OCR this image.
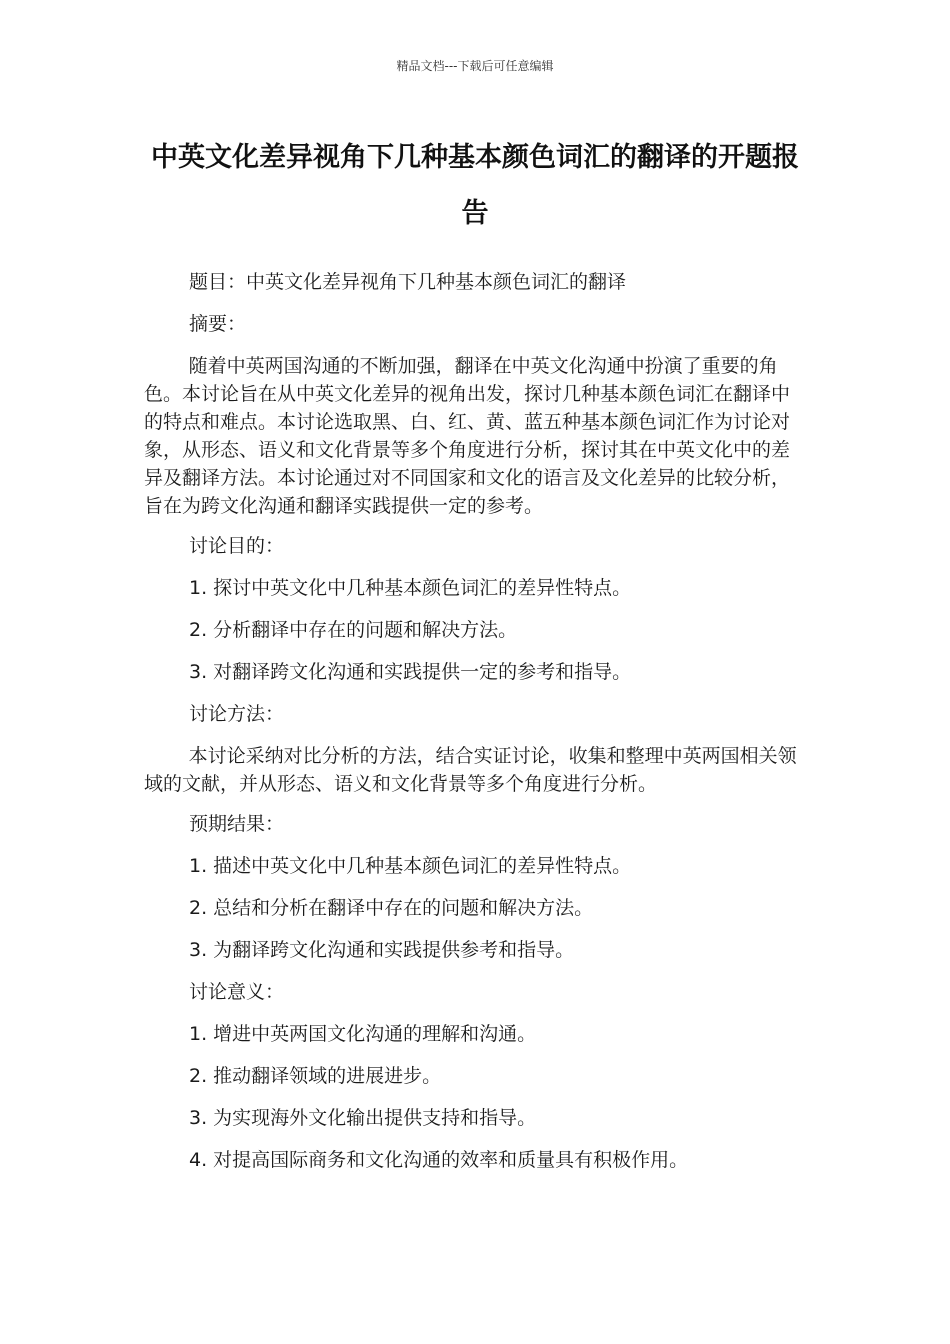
精品文档---下载后可任意编辑
中英文化差异视角下几种基本颜色词汇的翻译的开题报告
题目：中英文化差异视角下几种基本颜色词汇的翻译
摘要：
随着中英两国沟通的不断加强，翻译在中英文化沟通中扮演了重要的角色。本讨论旨在从中英文化差异的视角出发，探讨几种基本颜色词汇在翻译中的特点和难点。本讨论选取黑、白、红、黄、蓝五种基本颜色词汇作为讨论对象，从形态、语义和文化背景等多个角度进行分析，探讨其在中英文化中的差异及翻译方法。本讨论通过对不同国家和文化的语言及文化差异的比较分析，旨在为跨文化沟通和翻译实践提供一定的参考。
讨论目的：
1. 探讨中英文化中几种基本颜色词汇的差异性特点。
2. 分析翻译中存在的问题和解决方法。
3. 对翻译跨文化沟通和实践提供一定的参考和指导。
讨论方法：
本讨论采纳对比分析的方法，结合实证讨论，收集和整理中英两国相关领域的文献，并从形态、语义和文化背景等多个角度进行分析。
预期结果：
1. 描述中英文化中几种基本颜色词汇的差异性特点。
2. 总结和分析在翻译中存在的问题和解决方法。
3. 为翻译跨文化沟通和实践提供参考和指导。
讨论意义：
1. 增进中英两国文化沟通的理解和沟通。
2. 推动翻译领域的进展进步。
3. 为实现海外文化输出提供支持和指导。
4. 对提高国际商务和文化沟通的效率和质量具有积极作用。
